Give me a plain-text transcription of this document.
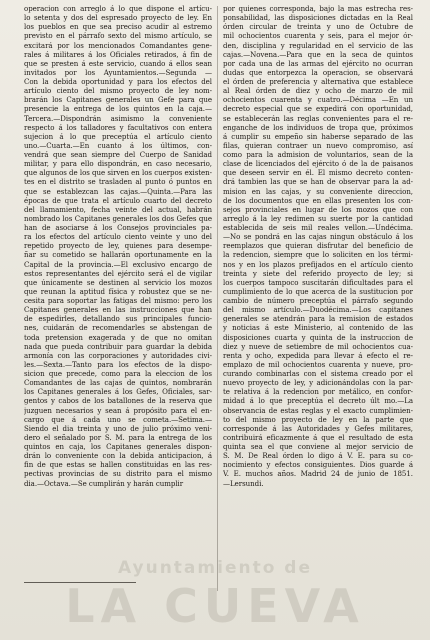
operacion con arreglo á lo que dispone el artícu-
lo setenta y dos del espresado proyecto de ley. En
los pueblos en que sea preciso acudir al estremo
previsto en el párrafo sexto del mismo artículo, se
excitará por los mencionados Comandantes gene-
rales á militares á los Oficiales retirados, á fin de
que se presten á este servicio, cuando á ellos sean
invitados por los Ayuntamientos.—Segunda —
Con la debida oportunidad y para los efectos del
artículo ciento del mismo proyecto de ley nom-
brarán los Capitanes generales un Gefe para que
presencie la entrega de los quintos en la caja.—
Tercera.—Dispondrán asimismo la conveniente
respecto á los talladores y facultativos con entera
sujecion á lo que preceptúa el artículo ciento
uno.—Cuarta.—En cuanto á los últimos, con-
vendrá que sean siempre del Cuerpo de Sanidad
militar, y para ello dispondrán, en caso necesario,
que algunos de los que sirven en los cuerpos existen-
tes en el distrito se trasladen al punto ó puntos en
que se establezcan las cajas.—Quinta.—Para las
épocas de que trata el artículo cuarto del decreto
del llamamiento, fecha veinte del actual, habrán
nombrado los Capitanes generales los dos Gefes que
han de asociarse á los Consejos provinciales pa-
ra los efectos del artículo ciento veinte y uno del
repetido proyecto de ley, quienes para desempe-
ñar su cometido se hallarán oportunamente en la
Capital de la provincia.—El exclusivo encargo de
estos representantes del ejército será el de vigilar
que únicamente se destinen al servicio los mozos
que reunan la aptitud física y robustez que se ne-
cesita para soportar las fatigas del mismo: pero los
Capitanes generales en las instrucciones que han
de espedirles, detallando sus principales funcio-
nes, cuidarán de recomendarles se abstengan de
toda pretension exagerada y de que no omitan
nada que pueda contribuir para guardar la debida
armonía con las corporaciones y autoridades civi-
les.—Sexta.—Tanto para los efectos de la dispo-
sicion que precede, como para la eleccion de los
Comandantes de las cajas de quintos, nombrarán
los Capitanes generales á los Gefes, Oficiales, sar-
gentos y cabos de los batallones de la reserva que
juzguen necesarios y sean á propósito para el en-
cargo que á cada uno se cometa.—Setima.—
Siendo el dia treinta y uno de julio próximo veni-
dero el señalado por S. M. para la entrega de los
quintos en caja, los Capitanes generales dispon-
drán lo conveniente con la debida anticipacion, á
fin de que estas se hallen constituidas en las res-
pectivas provincias de su distrito para el mismo
dia.—Octava.—Se cumplirán y harán cumplir
por quienes corresponda, bajo la mas estrecha res-
ponsabilidad, las disposiciones dictadas en la Real
órden circular de treinta y uno de Octubre de
mil ochocientos cuarenta y seis, para el mejor ór-
den, disciplina y regularidad en el servicio de las
cajas.—Novena.—Para que en la seca de quintos
por cada una de las armas del ejército no ocurran
dudas que entorpezca la operacion, se observará
el órden de preferencia y alternativa que establece
al Real órden de diez y ocho de marzo de mil
ochocientos cuarenta y cuatro.—Décima —En un
decreto especial que se expedirá con oportunidad,
se establecerán las reglas convenientes para el re-
enganche de los individuos de tropa que, próximos
á cumplir su empeño sin haberse separado de las
filas, quieran contraer un nuevo compromiso, así
como para la admision de voluntarios, sean de la
clase de licenciados del ejército ó de la de paisanos
que deseen servir en él. El mismo decreto conten-
drá tambien las que se han de observar para la ad-
mision en las cajas, y su conveniente direccion,
de los documentos que en ellas presenten los con-
sejos provinciales en lugar de los mozos que con
arreglo á la ley redimen su suerte por la cantidad
establecida de seis mil reales vellon.—Undécima.
—No se pondrá en las cajas ningun obstáculo á los
reemplazos que quieran disfrutar del beneficio de
la redencion, siempre que lo soliciten en los térmi-
nos y en los plazos prefijados en el artículo ciento
treinta y siete del referido proyecto de ley; si
los cuerpos tampoco suscitarán dificultades para el
cumplimiento de lo que acerca de la sustitucion por
cambio de número preceptúa el párrafo segundo
del mismo artículo.—Duodécima.—Los capitanes
generales se atendrán para la remision de estados
y noticias á este Ministerio, al contenido de las
disposiciones cuarta y quinta de la instruccion de
diez y nueve de setiembre de mil ochocientos cua-
renta y ocho, expedida para llevar á efecto el re-
emplazo de mil ochocientos cuarenta y nueve, pro-
curando combinarlas con el sistema creado por el
nuevo proyecto de ley, y adicionándolas con la par-
te relativa á la redencion por metálico, en confor-
midad á lo que preceptúa el decreto últ mo.—La
observancia de estas reglas y el exacto cumplimien-
to del mismo proyecto de ley en la parte que
corresponde á las Autoridades y Gefes militares,
contribuirá eficazmente á que el resultado de esta
quinta sea el que conviene al mejor servicio de
S. M. De Real órden lo digo á V. E. para su co-
nocimiento y efectos consiguientes. Dios guarde á
V. E. muchos años. Madrid 24 de junio de 1851.
—Lersundi.
Ayuntamiento de
LA CUEVA
